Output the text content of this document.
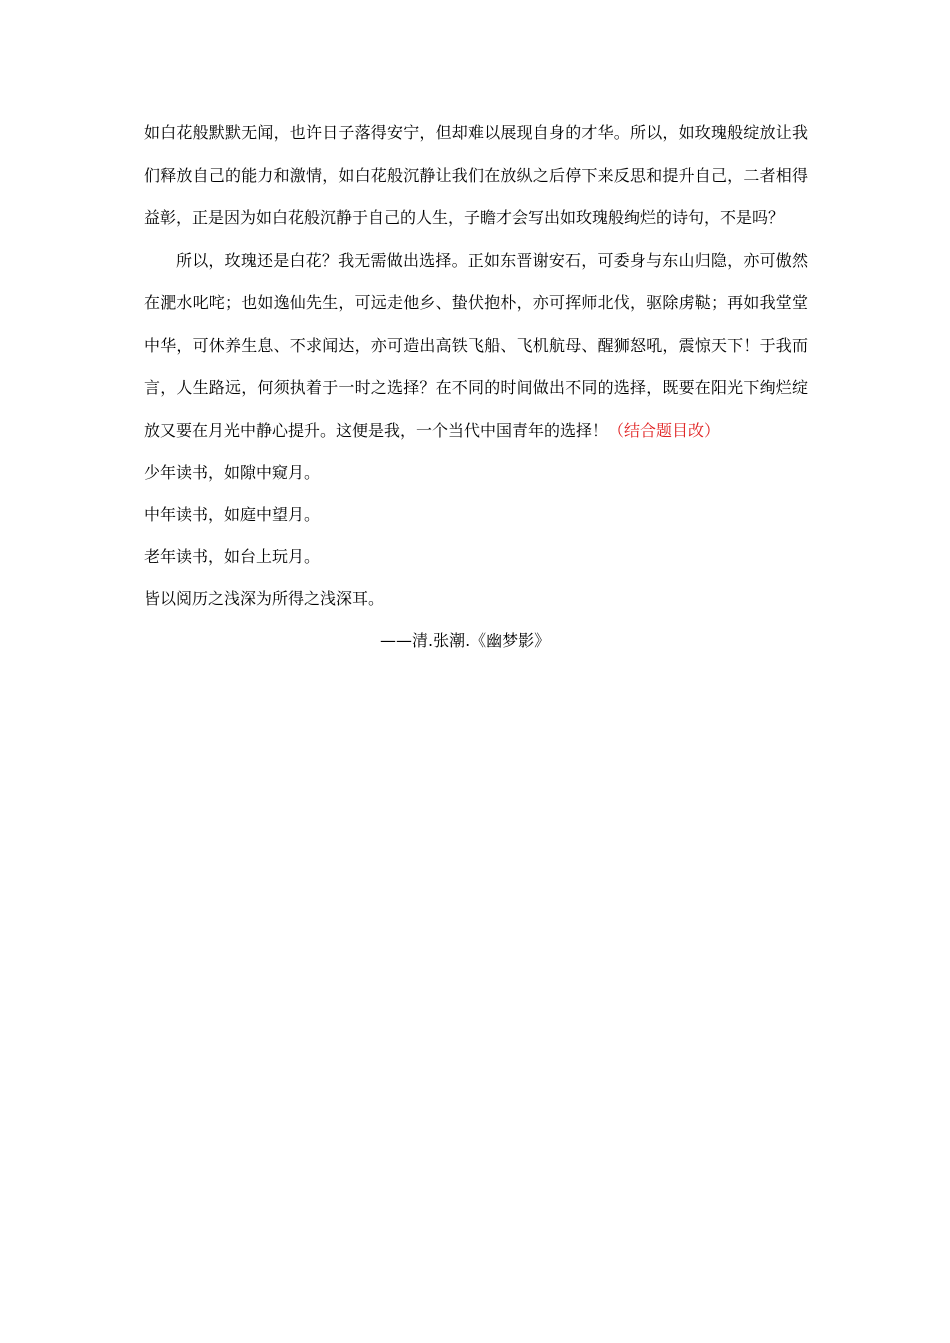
如白花般默默无闻，也许日子落得安宁，但却难以展现自身的才华。所以，如玫瑰般绽放让我们释放自己的能力和激情，如白花般沉静让我们在放纵之后停下来反思和提升自己，二者相得益彰，正是因为如白花般沉静于自己的人生，子瞻才会写出如玫瑰般绚烂的诗句，不是吗？

所以，玫瑰还是白花？我无需做出选择。正如东晋谢安石，可委身与东山归隐，亦可傲然在淝水叱咤；也如逸仙先生，可远走他乡、蛰伏抱朴，亦可挥师北伐，驱除虏鞑；再如我堂堂中华，可休养生息、不求闻达，亦可造出高铁飞船、飞机航母、醒狮怒吼，震惊天下！于我而言，人生路远，何须执着于一时之选择？在不同的时间做出不同的选择，既要在阳光下绚烂绽放又要在月光中静心提升。这便是我，一个当代中国青年的选择！（结合题目改）

少年读书，如隙中窥月。

中年读书，如庭中望月。

老年读书，如台上玩月。

皆以阅历之浅深为所得之浅深耳。

——清.张潮.《幽梦影》
